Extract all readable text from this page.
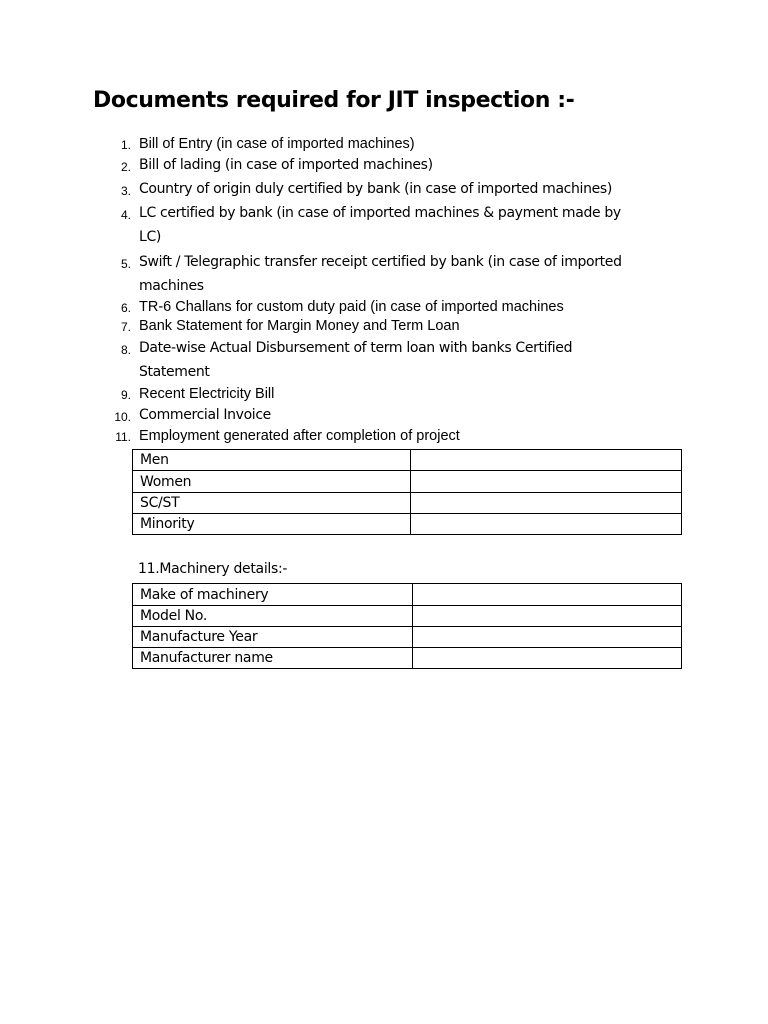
Documents required for JIT inspection :-
1. Bill of Entry (in case of imported machines)
2. Bill of lading (in case of imported machines)
3. Country of origin duly certified by bank (in case of imported machines)
4. LC certified by bank (in case of imported machines & payment made by
LC)
5. Swift / Telegraphic transfer receipt certified by bank (in case of imported
machines
6. TR-6 Challans for custom duty paid (in case of imported machines
7. Bank Statement for Margin Money and Term Loan
8. Date-wise Actual Disbursement of term loan with banks Certified
Statement
9. Recent Electricity Bill
10. Commercial Invoice
11. Employment generated after completion of project
Men	
Women	
SC/ST	
Minority	
11.Machinery details:-
Make of machinery	
Model No.	
Manufacture Year	
Manufacturer name	
